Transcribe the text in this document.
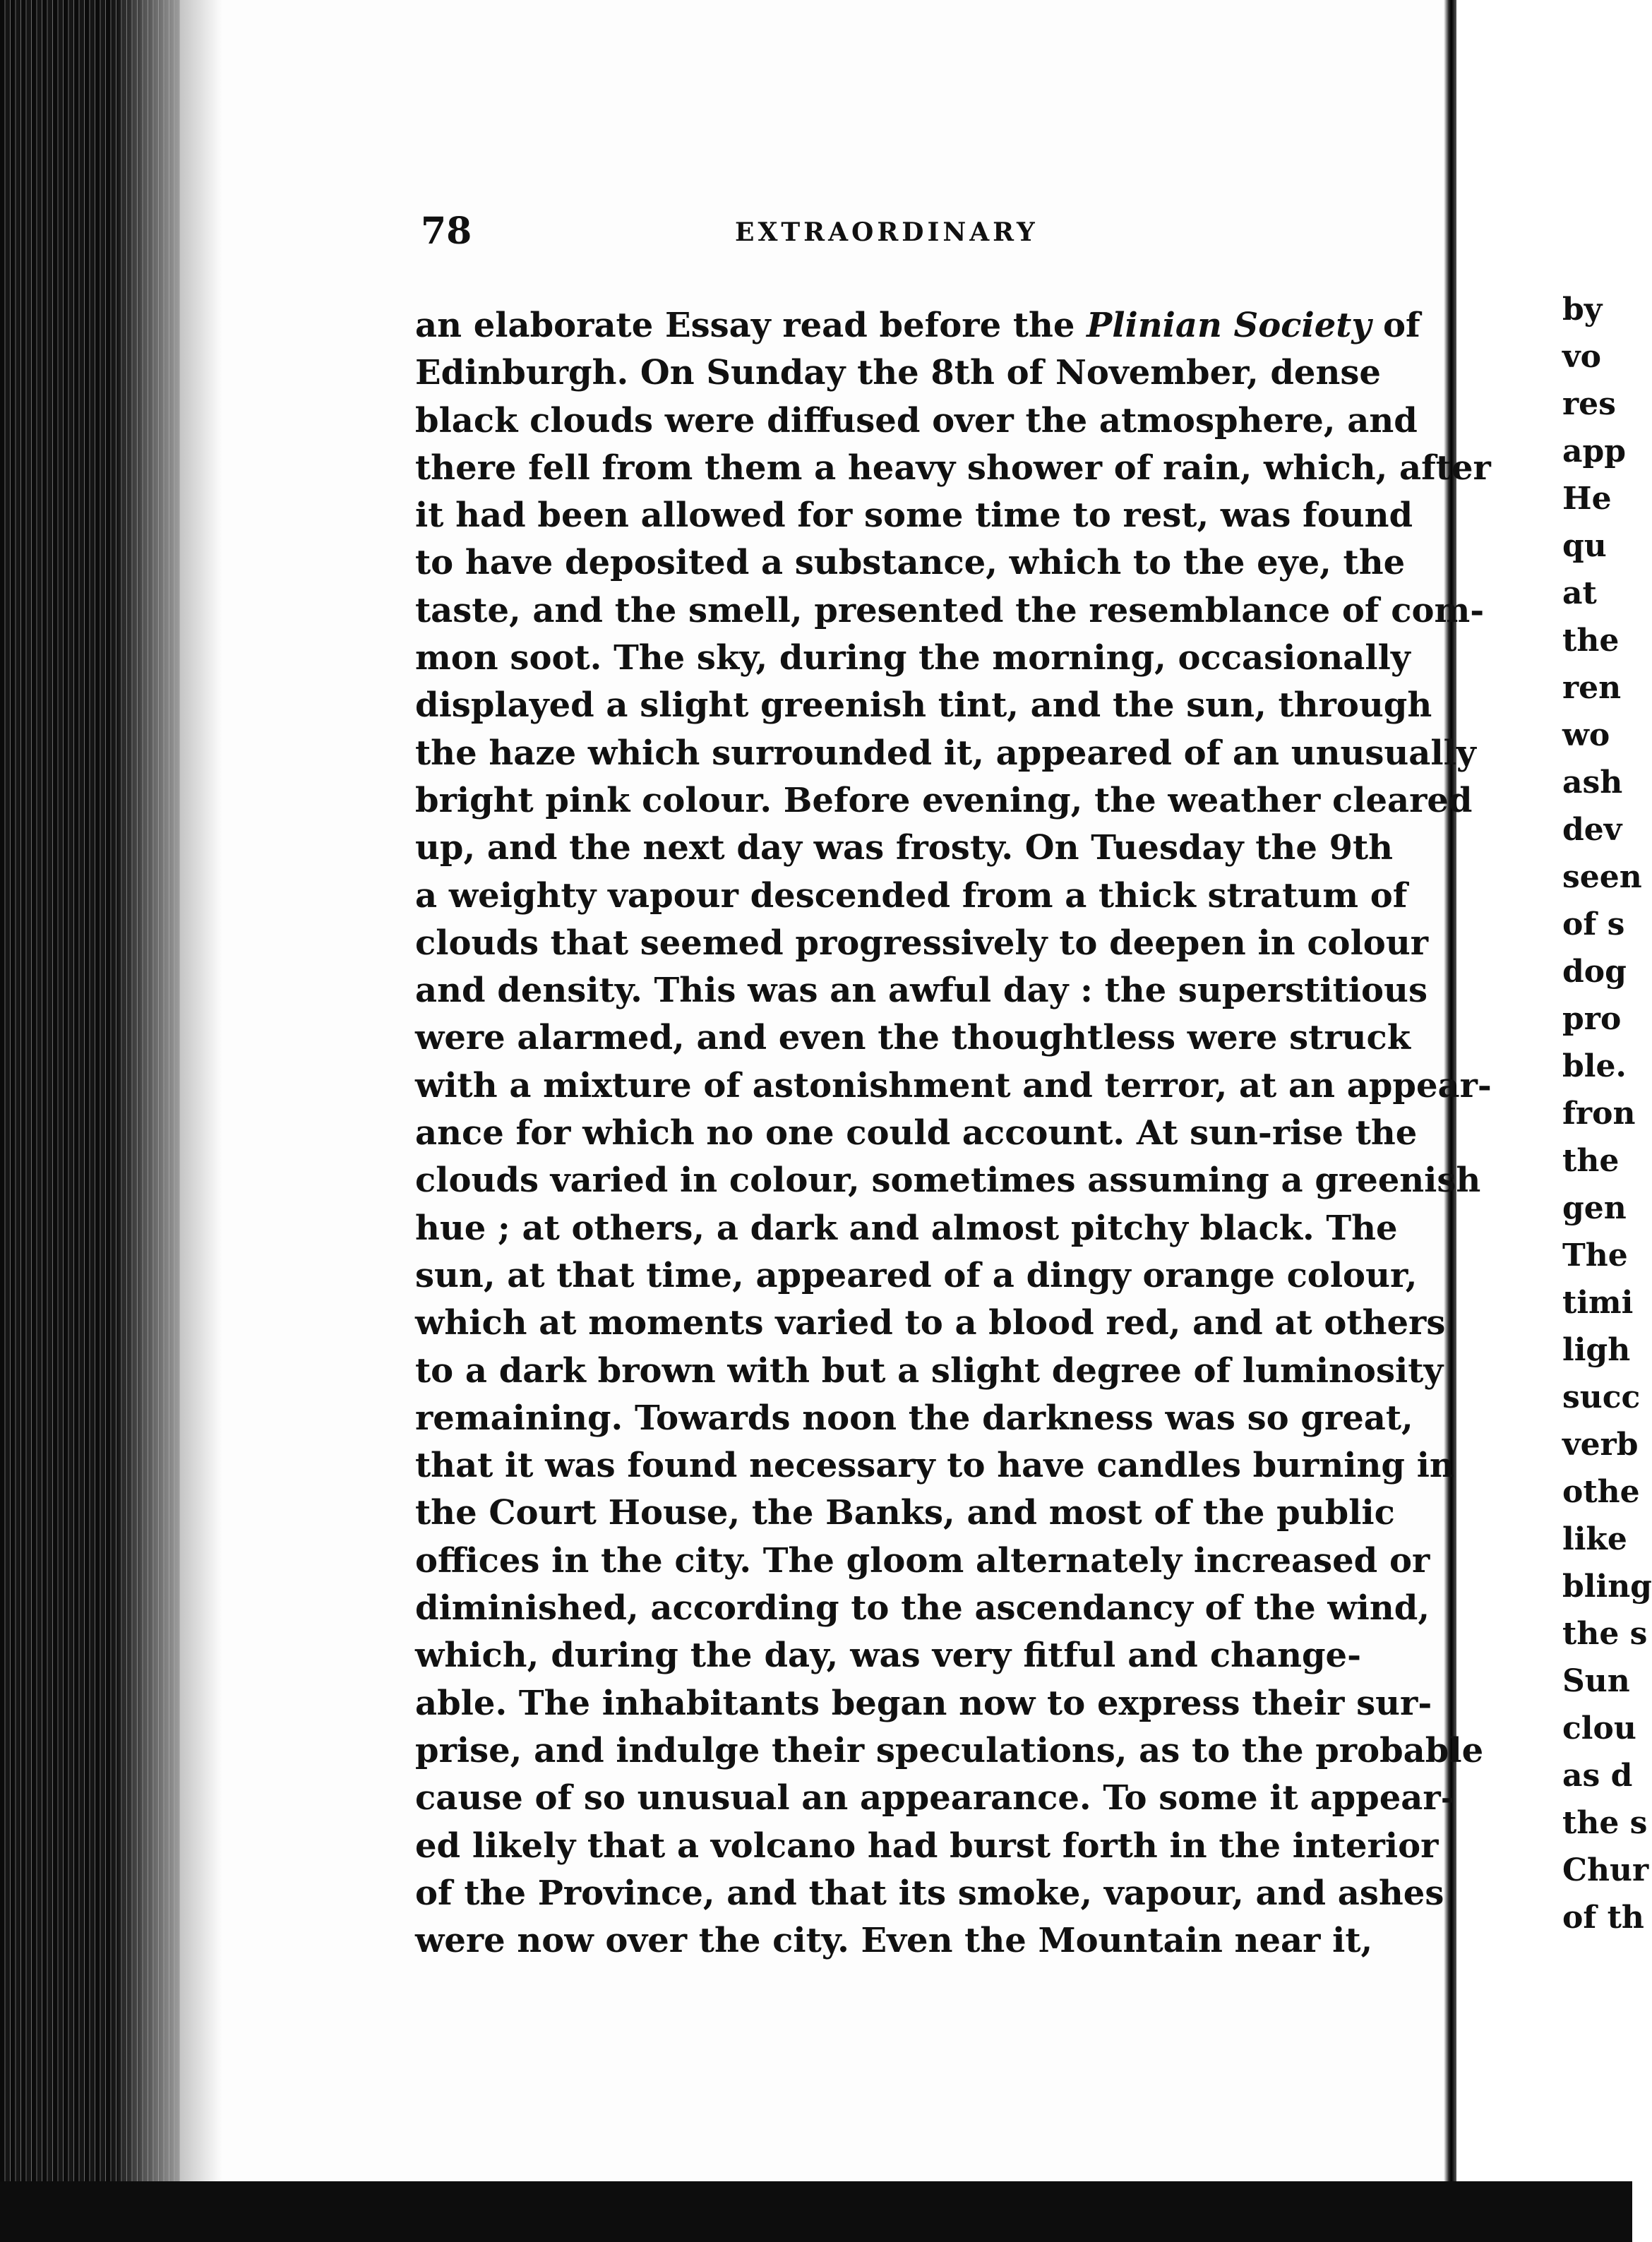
by
vo
res
app
He
qu
at
the
ren
wo
ash
dev
seen
of s
dog
pro
ble.
fron
the
gen
The
timi
ligh
succ
verb
othe
like
bling
the s
Sun
clou
as d
the s
Chur
of th
78	EXTRAORDINARY
an elaborate Essay read before the Plinian Society of
Edinburgh. On Sunday the 8th of November, dense
black clouds were diffused over the atmosphere, and
there fell from them a heavy shower of rain, which, after
it had been allowed for some time to rest, was found
to have deposited a substance, which to the eye, the
taste, and the smell, presented the resemblance of com-
mon soot. The sky, during the morning, occasionally
displayed a slight greenish tint, and the sun, through
the haze which surrounded it, appeared of an unusually
bright pink colour. Before evening, the weather cleared
up, and the next day was frosty. On Tuesday the 9th
a weighty vapour descended from a thick stratum of
clouds that seemed progressively to deepen in colour
and density. This was an awful day : the superstitious
were alarmed, and even the thoughtless were struck
with a mixture of astonishment and terror, at an appear-
ance for which no one could account. At sun-rise the
clouds varied in colour, sometimes assuming a greenish
hue ; at others, a dark and almost pitchy black. The
sun, at that time, appeared of a dingy orange colour,
which at moments varied to a blood red, and at others
to a dark brown with but a slight degree of luminosity
remaining. Towards noon the darkness was so great,
that it was found necessary to have candles burning in
the Court House, the Banks, and most of the public
offices in the city. The gloom alternately increased or
diminished, according to the ascendancy of the wind,
which, during the day, was very fitful and change-
able. The inhabitants began now to express their sur-
prise, and indulge their speculations, as to the probable
cause of so unusual an appearance. To some it appear-
ed likely that a volcano had burst forth in the interior
of the Province, and that its smoke, vapour, and ashes
were now over the city. Even the Mountain near it,
